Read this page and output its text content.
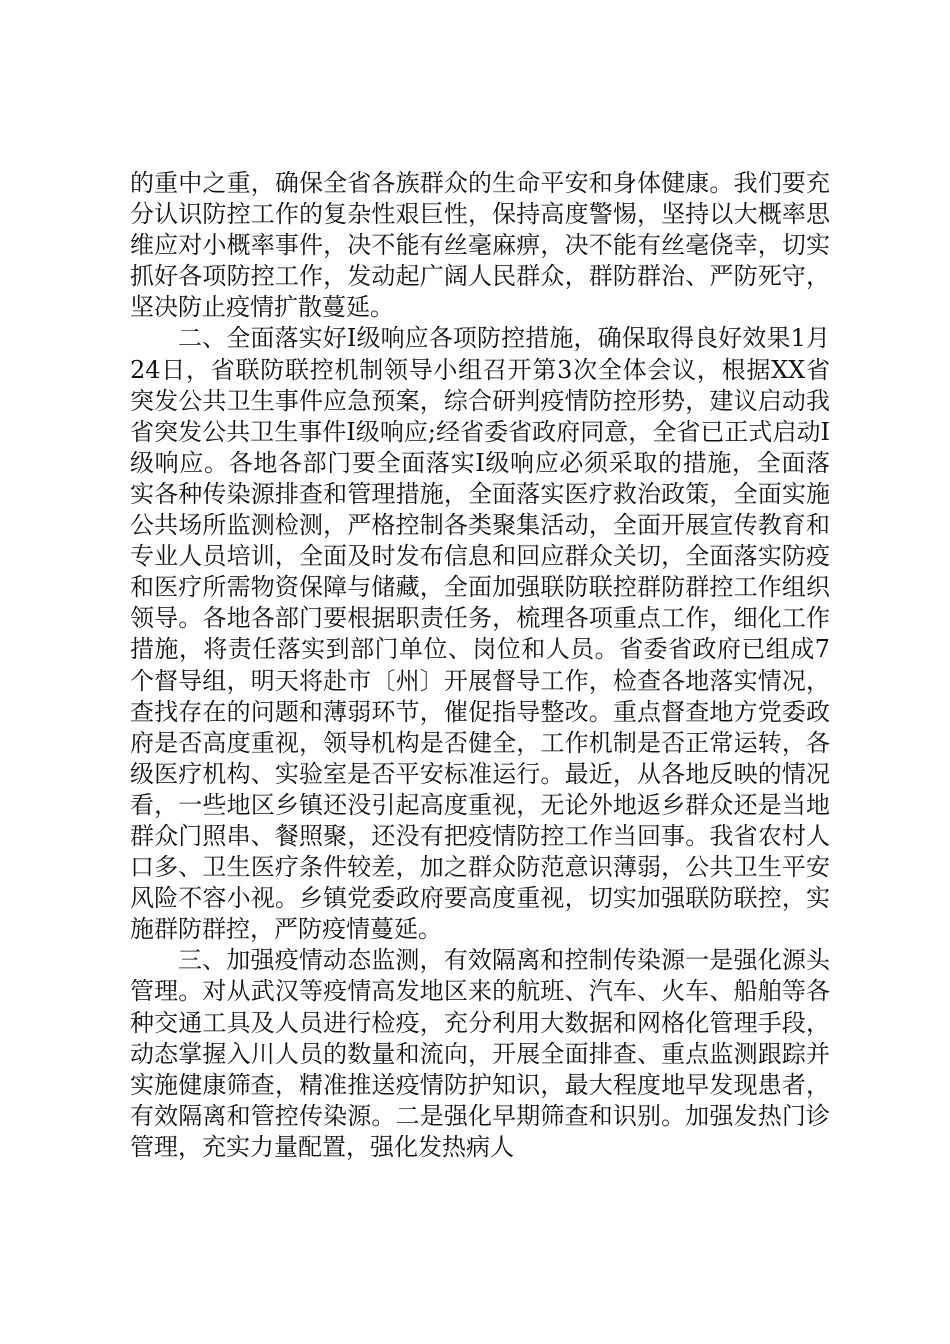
的重中之重，确保全省各族群众的生命平安和身体健康。我们要充分认识防控工作的复杂性艰巨性，保持高度警惕，坚持以大概率思维应对小概率事件，决不能有丝毫麻痹，决不能有丝毫侥幸，切实抓好各项防控工作，发动起广阔人民群众，群防群治、严防死守，坚决防止疫情扩散蔓延。

二、全面落实好Ⅰ级响应各项防控措施，确保取得良好效果1月24日，省联防联控机制领导小组召开第3次全体会议，根据XX省突发公共卫生事件应急预案，综合研判疫情防控形势，建议启动我省突发公共卫生事件Ⅰ级响应;经省委省政府同意，全省已正式启动Ⅰ级响应。各地各部门要全面落实Ⅰ级响应必须采取的措施，全面落实各种传染源排查和管理措施，全面落实医疗救治政策，全面实施公共场所监测检测，严格控制各类聚集活动，全面开展宣传教育和专业人员培训，全面及时发布信息和回应群众关切，全面落实防疫和医疗所需物资保障与储藏，全面加强联防联控群防群控工作组织领导。各地各部门要根据职责任务，梳理各项重点工作，细化工作措施，将责任落实到部门单位、岗位和人员。省委省政府已组成7个督导组，明天将赴市〔州〕开展督导工作，检查各地落实情况，查找存在的问题和薄弱环节，催促指导整改。重点督查地方党委政府是否高度重视，领导机构是否健全，工作机制是否正常运转，各级医疗机构、实验室是否平安标准运行。最近，从各地反映的情况看，一些地区乡镇还没引起高度重视，无论外地返乡群众还是当地群众门照串、餐照聚，还没有把疫情防控工作当回事。我省农村人口多、卫生医疗条件较差，加之群众防范意识薄弱，公共卫生平安风险不容小视。乡镇党委政府要高度重视，切实加强联防联控，实施群防群控，严防疫情蔓延。

三、加强疫情动态监测，有效隔离和控制传染源一是强化源头管理。对从武汉等疫情高发地区来的航班、汽车、火车、船舶等各种交通工具及人员进行检疫，充分利用大数据和网格化管理手段，动态掌握入川人员的数量和流向，开展全面排查、重点监测跟踪并实施健康筛查，精准推送疫情防护知识，最大程度地早发现患者，有效隔离和管控传染源。二是强化早期筛查和识别。加强发热门诊管理，充实力量配置，强化发热病人
